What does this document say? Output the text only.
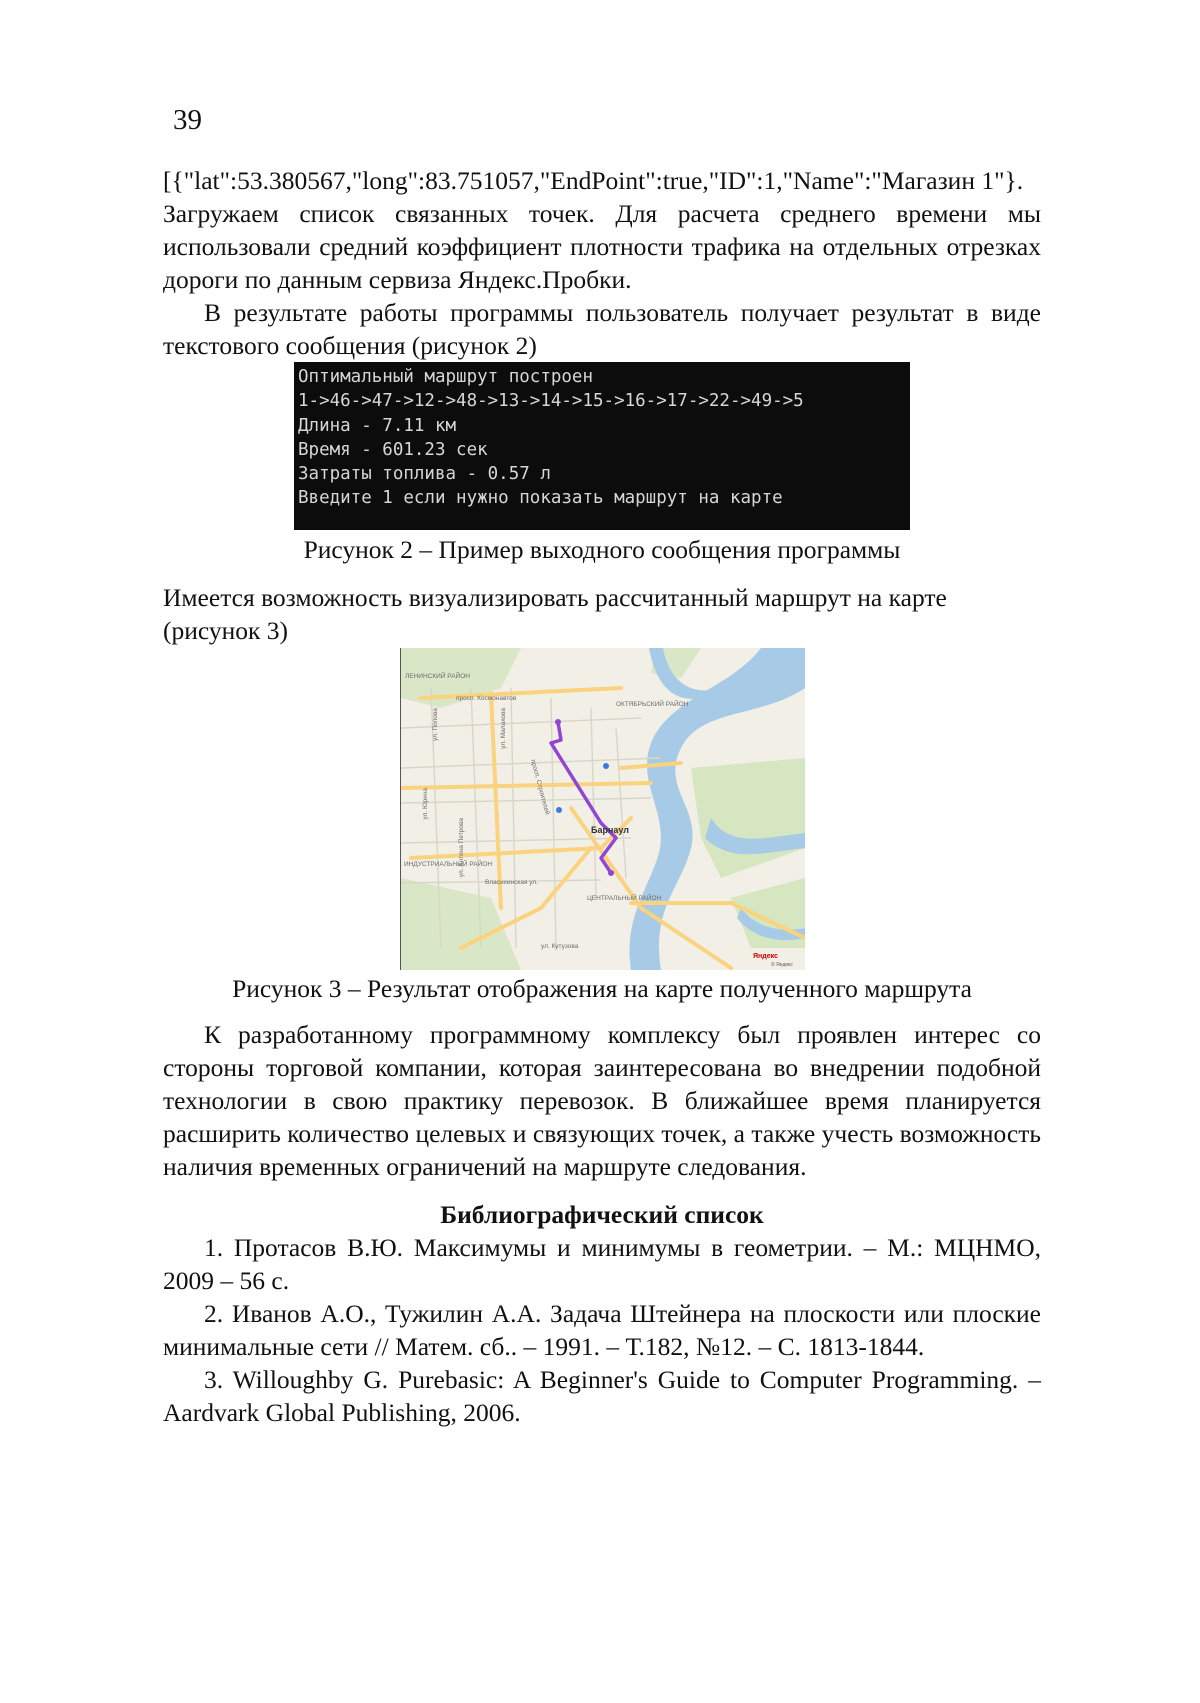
39

[{"lat":53.380567,"long":83.751057,"EndPoint":true,"ID":1,"Name":"Магазин 1"}.

Загружаем список связанных точек. Для расчета среднего времени мы использовали средний коэффициент плотности трафика на отдельных отрезках дороги по данным сервиза Яндекс.Пробки.

В результате работы программы пользователь получает результат в виде текстового сообщения (рисунок 2)

Оптимальный маршрут построен
1->46->47->12->48->13->14->15->16->17->22->49->5
Длина - 7.11 км
Время - 601.23 сек
Затраты топлива - 0.57 л
Введите 1 если нужно показать маршрут на карте

Рисунок 2 – Пример выходного сообщения программы

Имеется возможность визуализировать рассчитанный маршрут на карте (рисунок 3)

ЛЕНИНСКИЙ РАЙОН
ОКТЯБРЬСКИЙ РАЙОН
ИНДУСТРИАЛЬНЫЙ РАЙОН
ЦЕНТРАЛЬНЫЙ РАЙОН
просп. Космонавтов
ул. Попова	ул. Малахова
ул. Юрина
ул. Антона Петрова
просп. Строителей
Власихинская ул.
ул. Кутузова
Барнаул
Яндекс
© Яндекс

Рисунок 3 – Результат отображения на карте полученного маршрута

К разработанному программному комплексу был проявлен интерес со стороны торговой компании, которая заинтересована во внедрении подобной технологии в свою практику перевозок. В ближайшее время планируется расширить количество целевых и связующих точек, а также учесть возможность наличия временных ограничений на маршруте следования.

Библиографический список

1. Протасов В.Ю. Максимумы и минимумы в геометрии. – М.: МЦНМО, 2009 – 56 с.

2. Иванов А.О., Тужилин А.А. Задача Штейнера на плоскости или плоские минимальные сети // Матем. сб.. – 1991. – Т.182, №12. – С. 1813-1844.

3. Willoughby G. Purebasic: A Beginner's Guide to Computer Programming. – Aardvark Global Publishing, 2006.
